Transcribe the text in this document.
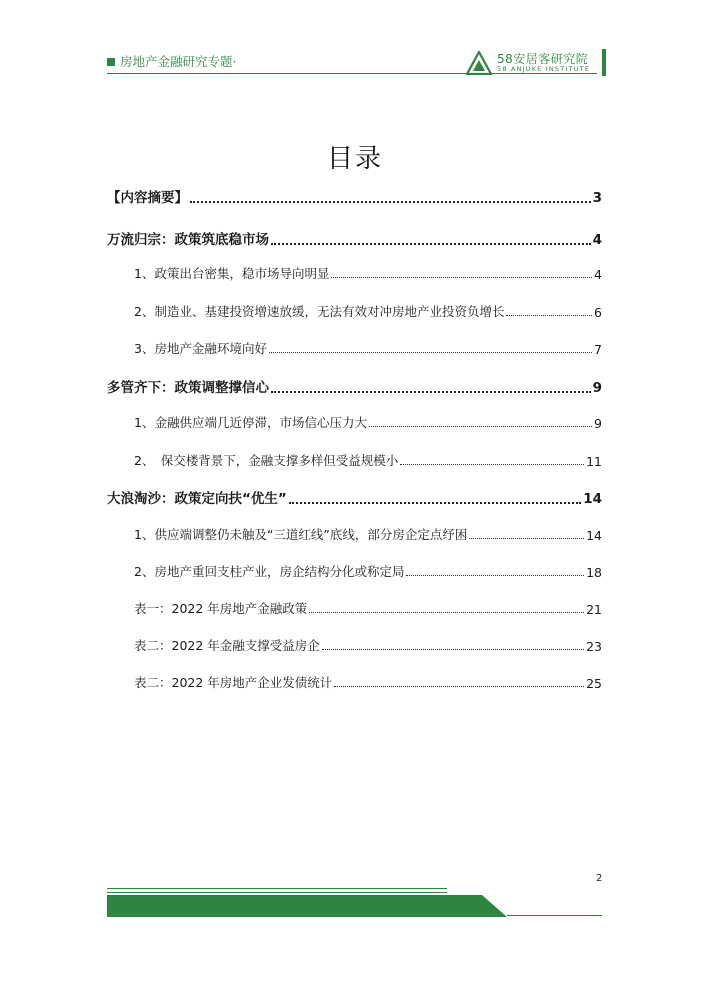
房地产金融研究专题·	58安居客研究院
58 ANJUKE INSTITUTE
目录
【内容摘要】	3
万流归宗：政策筑底稳市场	4
1、政策出台密集，稳市场导向明显	4
2、制造业、基建投资增速放缓，无法有效对冲房地产业投资负增长	6
3、房地产金融环境向好	7
多管齐下：政策调整撑信心	9
1、金融供应端几近停滞，市场信心压力大	9
2、　保交楼背景下，金融支撑多样但受益规模小	11
大浪淘沙：政策定向扶“优生”	14
1、供应端调整仍未触及“三道红线”底线，部分房企定点纾困	14
2、房地产重回支柱产业，房企结构分化或称定局	18
表一：2022 年房地产金融政策	21
表二：2022 年金融支撑受益房企	23
表二：2022 年房地产企业发债统计	25
2
